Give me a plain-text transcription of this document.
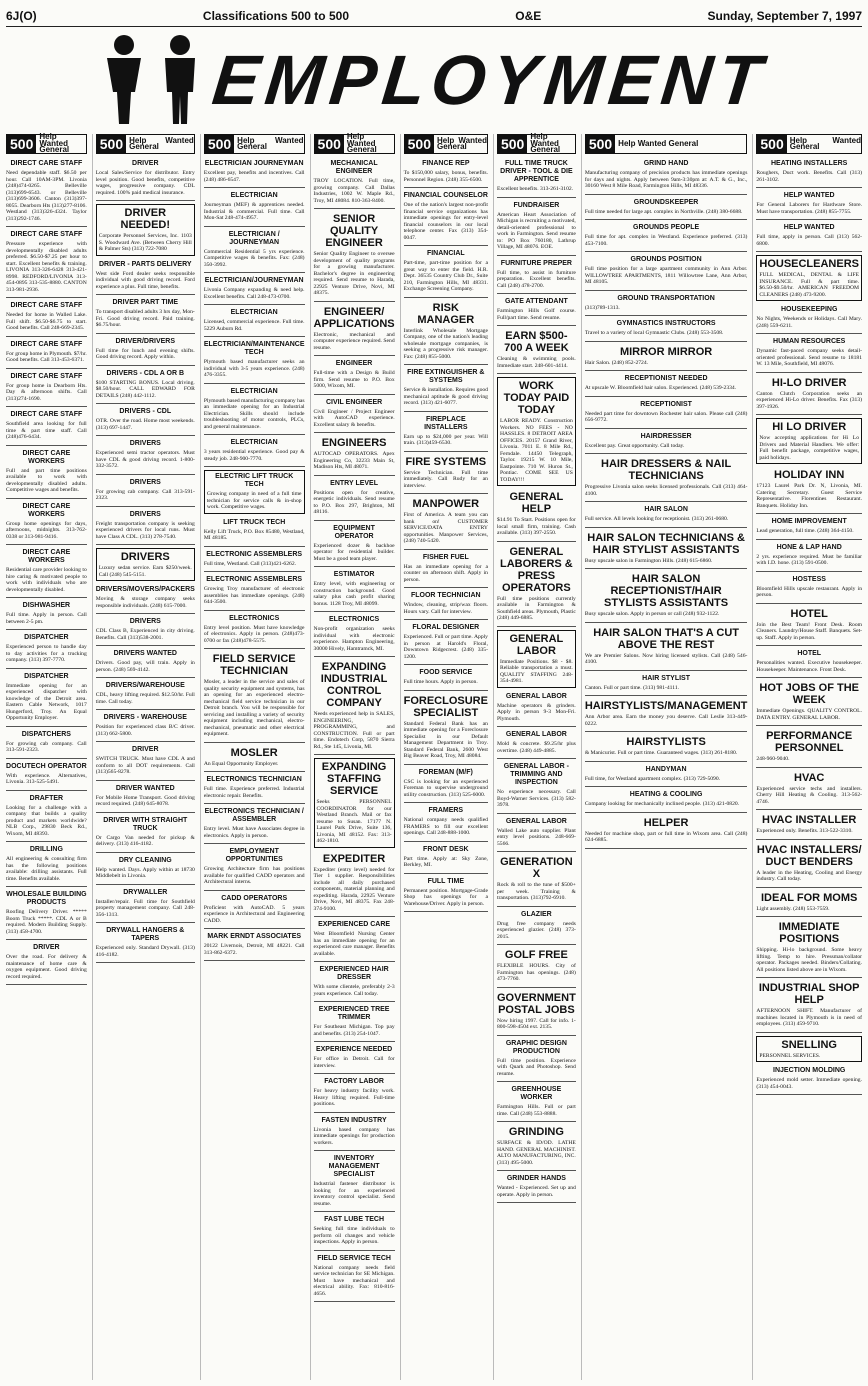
6J(O)	Classifications 500 to 500	O&E	Sunday, September 7, 1997
EMPLOYMENT
500 Help Wanted General
DIRECT CARE STAFF
Need dependable staff. $6.50 per hour. Call 10AM-3PM. Livonia (248)474-0265. Belleville (313)699-6543. or Belleville (313)699-3606. Canton (313)397-8055. Dearborn Hts (313)277-8106. Westland (313)326-4324. Taylor (313)292-1746.
DIRECT CARE STAFF
Pressure experience with developmentally disabled adults preferred. $6.50-$7.25 per hour to start. Excellent benefits & training. LIVONIA 313-326-6428 313-421-8998. REDFORD/LIVONIA 313-454-0895 313-535-8880. CANTON 313-981-2936.
DIRECT CARE STAFF
Needed for home in Walled Lake. Full shift. $6.50-$6.75 to start. Good benefits. Call 248-669-2345.
DIRECT CARE STAFF
For group home in Plymouth. $7/hr. Good benefits. Call 313-453-6371.
DIRECT CARE STAFF
For group home in Dearborn Hts. Day & afternoon shifts. Call (313)274-1690.
DIRECT CARE STAFF
Southfield area looking for full time & part time staff. Call (248)476-6434.
DIRECT CARE WORKERS
Full and part time positions available to work with developmentally disabled adults. Competitive wages and benefits.
DIRECT CARE WORKERS
Group home openings for days, afternoons, midnights. 313-762-0338 or 313-981-9416.
DIRECT CARE WORKERS
Residential care provider looking to hire caring & motivated people to work with individuals who are developmentally disabled.
DISHWASHER
Full time. Apply in person. Call between 2-5 pm.
DISPATCHER
Experienced person to handle day to day activities for a trucking company. (313) 397-7770.
DISPATCHER
Immediate opening for an experienced dispatcher with knowledge of the Detroit area. Eastern Cable Network, 1017 Hungerford, Troy. An Equal Opportunity Employer.
DISPATCHERS
For growing cab company. Call 313-591-2323.
DOCUTECH OPERATOR
With experience. Alternatives, Livonia. 313-525-5491.
DRAFTER
Looking for a challenge with a company that builds a quality product and markets worldwide? NLB Corp., 29830 Beck Rd., Wixom, MI 48393.
DRILLING
All engineering & consulting firm has the following positions available: drilling assistants. Full time. Benefits available.
WHOLESALE BUILDING PRODUCTS
Roofing Delivery Driver. ***** Boom Truck *****. CDL A or B required. Modern Building Supply. (313) 458-4700.
DRIVER
Over the road. For delivery & maintenance of home care & oxygen equipment. Good driving record required.
500 Help Wanted General
DRIVER
Local Sales/Service for distributor. Entry level position. Good benefits, competitive wages, progressive company. CDL required. 100% paid medical insurance.
DRIVER NEEDED!
Corporate Personnel Services, Inc. 1103 S. Woodward Ave. (Between Cherry Hill & Palmer Sts) (313) 722-7080
DRIVER - PARTS DELIVERY
West side Ford dealer seeks responsible individual with good driving record. Ford experience a plus. Full time, benefits.
DRIVER PART TIME
To transport disabled adults 3 hrs day, Mon-Fri. Good driving record. Paid training. $6.75/hour.
DRIVER/DRIVERS
Full time for lunch and evening shifts. Good driving record. Apply within.
DRIVERS - CDL A OR B
$100 STARTING BONUS. Local driving. $8.50/hour. CALL EDWARD FOR DETAILS (248) 442-1112.
DRIVERS - CDL
OTR. Over the road. Home most weekends. (313) 697-1447.
DRIVERS
Experienced semi tractor operators. Must have CDL & good driving record. 1-800-332-3572.
DRIVERS
For growing cab company. Call 313-591-2323.
DRIVERS
Freight transportation company is seeking experienced drivers for local runs. Must have Class A CDL. (313) 278-7540.
DRIVERS
Luxury sedan service. Earn $250/week. Call (248) 545-5151.
DRIVERS/MOVERS/PACKERS
Moving & storage company seeks responsible individuals. (248) 615-7000.
DRIVERS
CDL Class B, Experienced in city driving. Benefits. Call (313)538-2001.
DRIVERS WANTED
Drivers. Good pay, will train. Apply in person. (248) 569-4142.
DRIVERS/WAREHOUSE
CDL, heavy lifting required. $12.50/hr. Full time. Call today.
DRIVERS - WAREHOUSE
Position for experienced class B/C driver. (313) 662-5800.
DRIVER
SWITCH TRUCK. Must have CDL A and conform to all DOT requirements. Call (313)565-8278.
DRIVER WANTED
For Mobile Home Transport. Good driving record required. (248) 645-8078.
DRIVER WITH STRAIGHT TRUCK
Or Cargo Van needed for pickup & delivery. (313) 416-4182.
DRY CLEANING
Help wanted. Days. Apply within at 18730 Middlebelt in Livonia.
DRYWALLER
Installer/repair. Full time for Southfield property management company. Call 248-356-1313.
DRYWALL HANGERS & TAPERS
Experienced only. Standard Drywall. (313) 416-4182.
500 Help Wanted General
ELECTRICIAN JOURNEYMAN
Excellent pay, benefits and incentives. Call (248) 486-6547.
ELECTRICIAN
Journeyman (MEF) & apprentices needed. Industrial & commercial. Full time. Call Mon-Sat 248-474-4957.
ELECTRICIAN / JOURNEYMAN
Commercial Residential 5 yrs experience. Competitive wages & benefits. Fax: (248) 350-3992.
ELECTRICIAN/JOURNEYMAN
Livonia Company expanding & need help. Excellent benefits. Call 248-473-0700.
ELECTRICIAN
Licensed, commercial experience. Full time. 5229 Auburn Rd.
ELECTRICIAN/MAINTENANCE TECH
Plymouth based manufacturer seeks an individual with 3-5 years experience. (248) 476-3355.
ELECTRICIAN
Plymouth based manufacturing company has an immediate opening for an Industrial Electrician. Skills should include troubleshooting of motor controls, PLCs, and general maintenance.
ELECTRICIAN
3 years residential experience. Good pay & steady job. 248-900-7770.
ELECTRIC LIFT TRUCK TECH
Growing company in need of a full time technician for service calls & in-shop work. Competitive wages.
LIFT TRUCK TECH
Kelly Lift Truck, P.O. Box 85480, Westland, MI 48185.
ELECTRONIC ASSEMBLERS
Full time, Westland. Call (313)421-6262.
ELECTRONIC ASSEMBLERS
Growing Troy manufacturer of electronic assemblies has immediate openings. (248) 644-3500.
ELECTRONICS
Entry level position. Must have knowledge of electronics. Apply in person. (248)473-0700 or fax (248)478-5575.
FIELD SERVICE TECHNICIAN
Mosler, a leader in the service and sales of quality security equipment and systems, has an opening for an experienced electro-mechanical field service technician in our Detroit branch. You will be responsible for servicing and installing a variety of security equipment including mechanical, electro-mechanical, pneumatic and other electrical equipment.
MOSLER
An Equal Opportunity Employer.
ELECTRONICS TECHNICIAN
Full time. Experience preferred. Industrial electronic repair. Benefits.
ELECTRONICS TECHNICIAN / ASSEMBLER
Entry level. Must have Associates degree in electronics. Apply in person.
EMPLOYMENT OPPORTUNITIES
Growing Architecture firm has positions available for qualified CADD operators and Architectural interns.
CADD OPERATORS
Proficient with AutoCAD. 5 years experience in Architectural and Engineering CADD.
MARK ERNDT ASSOCIATES
20122 Livernois, Detroit, MI 48221. Call 313-862-6372.
500 Help Wanted General
MECHANICAL ENGINEER
TROY LOCATION. Full time, growing company. Call Dallas Industries, 1002 W. Maple Rd., Troy, MI 48084. 810-363-8400.
SENIOR QUALITY ENGINEER
Senior Quality Engineer to oversee development of quality programs for a growing manufacturer. Bachelor's degree in engineering required. Send resume to Harada, 22925 Venture Drive, Novi, MI 48375.
ENGINEER/ APPLICATIONS
Electronic, mechanical and computer experience required. Send resume.
ENGINEER
Full-time with a Design & Build firm. Send resume to P.O. Box 5000, Wixom, MI.
CIVIL ENGINEER
Civil Engineer / Project Engineer with AutoCAD experience. Excellent salary & benefits.
ENGINEERS
AUTOCAD OPERATORS. Apex Engineering Co, 32233 Main St, Madison Hts, MI 48071.
ENTRY LEVEL
Positions open for creative, energetic individuals. Send resume to P.O. Box 297, Brighton, MI 48116.
EQUIPMENT OPERATOR
Experienced dozer & backhoe operator for residential builder. Must be a good team player.
ESTIMATOR
Entry level, with engineering or construction background. Good salary plus cash profit sharing bonus. 1128 Troy, MI 48099.
ELECTRONICS
Non-profit organization seeks individual with electronic experience. Hampton Engineering, 30000 Hively, Hamtramck, MI.
EXPANDING INDUSTRIAL CONTROL COMPANY
Needs experienced help in SALES, ENGINEERING, PROGRAMMING, and CONSTRUCTION. Full or part time. Endotech Corp, 5870 Sierra Rd., Ste 145, Livonia, MI.
EXPANDING STAFFING SERVICE
Seeks PERSONNEL COORDINATOR for our Westland Branch. Mail or fax resume to Susan. 17177 N. Laurel Park Drive, Suite 136, Livonia, MI 48152. Fax: 313-462-1810.
EXPEDITER
Expediter (entry level) needed for Tier 1 supplier. Responsibilities include all daily purchased components, material planning and expediting. Harada, 22925 Venture Drive, Novi, MI 48375. Fax 248-374-9100.
EXPERIENCED CARE
West Bloomfield Nursing Center has an immediate opening for an experienced care manager. Benefits available.
EXPERIENCED HAIR DRESSER
With some clientele, preferably 2-3 years experience. Call today.
EXPERIENCED TREE TRIMMER
For Southeast Michigan. Top pay and benefits. (313) 254-1047.
EXPERIENCE NEEDED
For office in Detroit. Call for interview.
FACTORY LABOR
For heavy industry facility work. Heavy lifting required. Full-time positions.
FASTEN INDUSTRY
Livonia based company has immediate openings for production workers.
INVENTORY MANAGEMENT SPECIALIST
Industrial fastener distributor is looking for an experienced inventory control specialist. Send resume.
FAST LUBE TECH
Seeking full time individuals to perform oil changes and vehicle inspections. Apply in person.
FIELD SERVICE TECH
National company needs field service technician for SE Michigan. Must have mechanical and electrical ability. Fax: 810-816-4656.
500 Help Wanted General
FINANCE REP
To $150,000 salary, bonus, benefits. Personnel Region. (248) 355-6500.
FINANCIAL COUNSELOR
One of the nation's largest non-profit financial service organizations has immediate openings for entry-level financial counselors in our local telephone center. Fax (313) 354-0047.
FINANCIAL
Part-time, part-time position for a great way to enter the field. H.R. Dept. 36535 Country Club Dr., Suite 210, Farmington Hills, MI 48331. Exchange Screening Company.
RISK MANAGER
Interlink Wholesale Mortgage Company, one of the nation's leading wholesale mortgage companies, is seeking a progressive risk manager. Fax: (248) 855-5000.
FIRE EXTINGUISHER & SYSTEMS
Service & installation. Requires good mechanical aptitude & good driving record. (313) 421-6077.
FIREPLACE INSTALLERS
Earn up to $24,000 per year. Will train. (313)459-6530.
FIRE SYSTEMS
Service Technician. Full time immediately. Call Rudy for an interview.
MANPOWER
First of America. A team you can bank on! CUSTOMER SERVICE/DATA ENTRY opportunities. Manpower Services, (248) 740-5420.
FISHER FUEL
Has an immediate opening for a counter on afternoon shift. Apply in person.
FLOOR TECHNICIAN
Window, cleaning, strip/wax floors. Hours vary. Call for interview.
FLORAL DESIGNER
Experienced. Full or part time. Apply in person at Harold's Floral, Downtown Ridgecrest. (248) 335-1200.
FOOD SERVICE
Full time hours. Apply in person.
FORECLOSURE SPECIALIST
Standard Federal Bank has an immediate opening for a Foreclosure Specialist in our Default Management Department in Troy. Standard Federal Bank, 2600 West Big Beaver Road, Troy, MI 48084.
FOREMAN (M/F)
CSC is looking for an experienced Foreman to supervise underground utility construction. (313) 525-6000.
FRAMERS
National company needs qualified FRAMERS to fill our excellent openings. Call 248-888-1000.
FRONT DESK
Part time. Apply at: Sky Zone, Berkley, MI.
FULL TIME
Permanent position. Mortgage-Grade Shop has openings for a Warehouse/Driver. Apply in person.
500 Help Wanted General
FULL TIME TRUCK DRIVER - TOOL & DIE APPRENTICE
Excellent benefits. 313-261-3102.
FUNDRAISER
American Heart Association of Michigan is recruiting a motivated, detail-oriented professional to work in Farmington. Send resume to: PO Box 760180, Lathrup Village, MI 48076. EOE.
FURNITURE PREPER
Full time, to assist in furniture preparation. Excellent benefits. Call (248) 478-2700.
GATE ATTENDANT
Farmington Hills Golf course. Full/part time. Send resume.
EARN $500-700 A WEEK
Cleaning & swimming pools. Immediate start. 248-601-4414.
WORK TODAY PAID TODAY
LABOR READY. Construction Workers. NO FEES - NO HASSLES. 8 DETROIT AREA OFFICES. 20157 Grand River, Livonia. 7011 E. 8 Mile Rd., Ferndale. 14450 Telegraph, Taylor. 19215 W. 10 Mile, Eastpointe. 710 W. Huron St., Pontiac. COME SEE US TODAY!!!
GENERAL HELP
$14.91 To Start. Positions open for local small firm, training. Cash available. (313) 397-2550.
GENERAL LABORERS & PRESS OPERATORS
Full time positions currently available in Farmington & Southfield areas. Plymouth, Plastic (248) 449-6885.
GENERAL LABOR
Immediate Positions. $8 - $8. Reliable transportation a must. QUALITY STAFFING 248-354-4981.
GENERAL LABOR
Machine operators & grinders. Apply in person 9-3 Mon-Fri. Plymouth.
GENERAL LABOR
Mold & concrete. $9.25/hr plus overtime. (248) 449-4885.
GENERAL LABOR - TRIMMING AND INSPECTION
No experience necessary. Call Boyd-Warner Services. (313) 582-3978.
GENERAL LABOR
Walled Lake auto supplier. Plant entry level positions. 248-669-5566.
GENERATION X
Rock & roll to the tune of $500+ per week. Training & transportation. (313)792-6910.
GLAZIER
Drug free company needs experienced glazier. (248) 373-2015.
GOLF FREE
FLEXIBLE HOURS. City of Farmington has openings. (248) 473-7760.
GOVERNMENT POSTAL JOBS
Now hiring 1997. Call for info. 1-800-598-4504 ext. 2135.
GRAPHIC DESIGN PRODUCTION
Full time position. Experience with Quark and Photoshop. Send resume.
GREENHOUSE WORKER
Farmington Hills. Full or part time. Call (248) 553-8888.
GRINDING
SURFACE & ID/OD. LATHE HAND. GENERAL MACHINIST. ALTO MANUFACTURING, INC. (313) 495-5000.
GRINDER HANDS
Wanted - Experienced. Set up and operate. Apply in person.
500 Help Wanted General
GRIND HAND
Manufacturing company of precision products has immediate openings for days and nights. Apply between 9am-3:30pm at: A.T. & G., Inc., 30160 West 8 Mile Road, Farmington Hills, MI 48336.
GROUNDSKEEPER
Full time needed for large apt. complex in Northville. (248) 380-6688.
GROUNDS PEOPLE
Full time for apt. complex in Westland. Experience preferred. (313) 453-7100.
GROUNDS POSITION
Full time position for a large apartment community in Ann Arbor. WILLOWTREE APARTMENTS, 1811 Willowtree Lane, Ann Arbor, MI 48105.
GROUND TRANSPORTATION
(313)789-1313.
GYMNASTICS INSTRUCTORS
Travel to a variety of local Gymnastic Clubs. (248) 553-3508.
MIRROR MIRROR
Hair Salon. (248) 852-2724.
RECEPTIONIST NEEDED
At upscale W. Bloomfield hair salon. Experienced. (248) 539-2334.
RECEPTIONIST
Needed part time for downtown Rochester hair salon. Please call (248) 656-9772.
HAIRDRESSER
Excellent pay. Great opportunity. Call today.
HAIR DRESSERS & NAIL TECHNICIANS
Progressive Livonia salon seeks licensed professionals. Call (313) 464-4100.
HAIR SALON
Full service. All levels looking for receptionist. (313) 261-0680.
HAIR SALON TECHNICIANS & HAIR STYLIST ASSISTANTS
Busy upscale salon in Farmington Hills. (248) 615-6860.
HAIR SALON RECEPTIONIST/HAIR STYLISTS ASSISTANTS
Busy upscale salon. Apply in person or call (248) 932-1122.
HAIR SALON THAT'S A CUT ABOVE THE REST
We are Premier Salons. Now hiring licensed stylists. Call (248) 546-4100.
HAIR STYLIST
Canton. Full or part time. (313) 981-4111.
HAIRSTYLISTS/MANAGEMENT
Ann Arbor area. Earn the money you deserve. Call Leslie 313-449-0222.
HAIRSTYLISTS
& Manicurist. Full or part time. Guaranteed wages. (313) 261-8180.
HANDYMAN
Full time, for Westland apartment complex. (313) 729-5090.
HEATING & COOLING
Company looking for mechanically inclined people. (313) 421-0820.
HELPER
Needed for machine shop, part or full time in Wixom area. Call (248) 624-6885.
500 Help Wanted General
HEATING INSTALLERS
Roughers, Duct work. Benefits. Call (313) 261-3102.
HELP WANTED
For General Laborers for Hardware Store. Must have transportation. (248) 855-7755.
HELP WANTED
Full time, apply in person. Call (313) 562-6800.
HOUSECLEANERS
FULL MEDICAL, DENTAL & LIFE INSURANCE. Full & part time. $6.50-$9.50/hr. AMERICAN FREEDOM CLEANERS (248) 473-9200.
HOUSEKEEPING
No Nights, Weekends or Holidays. Call Mary. (248) 559-6211.
HUMAN RESOURCES
Dynamic fast-paced company seeks detail-oriented professional. Send resume to 18181 W. 13 Mile, Southfield, MI 48076.
HI-LO DRIVER
Canton Clutch Corporation seeks an experienced Hi-Lo driver. Benefits. Fax (313) 397-1926.
HI LO DRIVER
Now accepting applications for Hi Lo Drivers and Material Handlers. We offer: Full benefit package, competitive wages, paid holidays.
HOLIDAY INN
17123 Laurel Park Dr. N, Livonia, MI. Catering Secretary. Guest Service Representative. Florentines Restaurant. Banquets. Holiday Inn.
HOME IMPROVEMENT
Lead generation, full time. (248) 364-4150.
HONE & LAP HAND
2 yrs. experience required. Must be familiar with I.D. hone. (313) 591-0500.
HOSTESS
Bloomfield Hills upscale restaurant. Apply in person.
HOTEL
Join the Best Team! Front Desk. Room Cleaners. Laundry/House Staff. Banquets. Set-up. Staff. Apply in person.
HOTEL
Personalities wanted. Executive housekeeper. Housekeeper. Maintenance. Front Desk.
HOT JOBS OF THE WEEK
Immediate Openings. QUALITY CONTROL. DATA ENTRY. GENERAL LABOR.
PERFORMANCE PERSONNEL
248-960-9040.
HVAC
Experienced service techs and installers. Cherry Hill Heating & Cooling. 313-562-4746.
HVAC INSTALLER
Experienced only. Benefits. 313-522-3310.
HVAC INSTALLERS/ DUCT BENDERS
A leader in the Heating, Cooling and Energy industry. Call today.
IDEAL FOR MOMS
Light assembly. (248) 553-7559.
IMMEDIATE POSITIONS
Shipping. Hi-lo background. Some heavy lifting. Temp to hire. Pressman/collator operator. Packages needed. Binders/Collating. All positions listed above are in Wixom.
INDUSTRIAL SHOP HELP
AFTERNOON SHIFT. Manufacturer of machines located in Plymouth is in need of employees. (313) 459-9710.
SNELLING
PERSONNEL SERVICES.
INJECTION MOLDING
Experienced mold setter. Immediate opening. (313) 454-0043.
